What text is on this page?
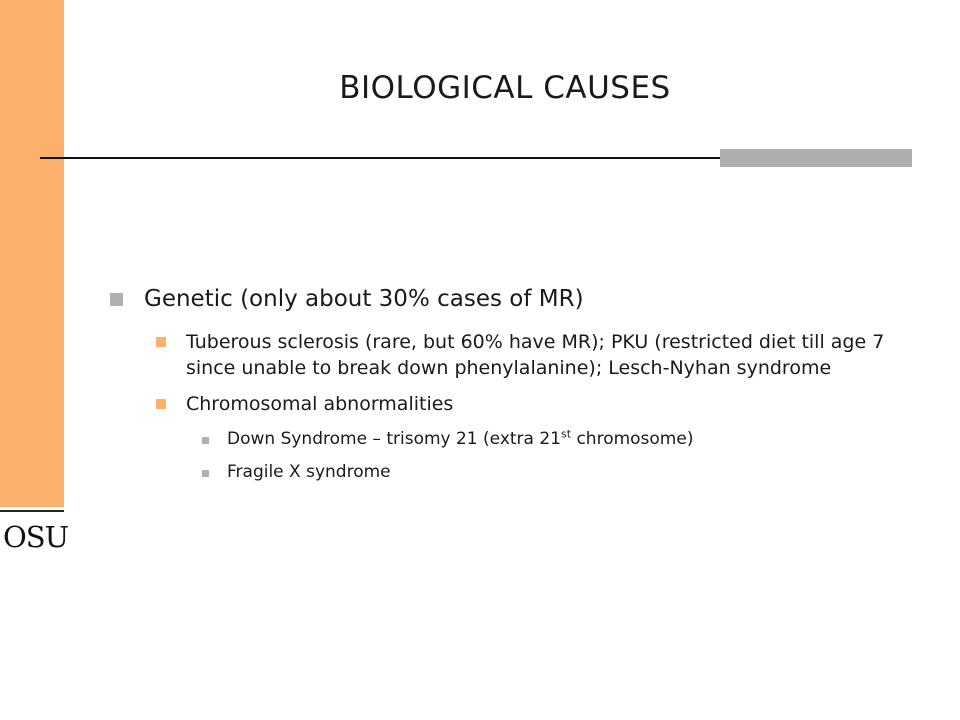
OSU
BIOLOGICAL CAUSES
Genetic (only about 30% cases of MR)
Tuberous sclerosis (rare, but 60% have MR); PKU (restricted diet till age 7 since unable to break down phenylalanine); Lesch-Nyhan syndrome
Chromosomal abnormalities
Down Syndrome – trisomy 21 (extra 21st chromosome)
Fragile X syndrome
